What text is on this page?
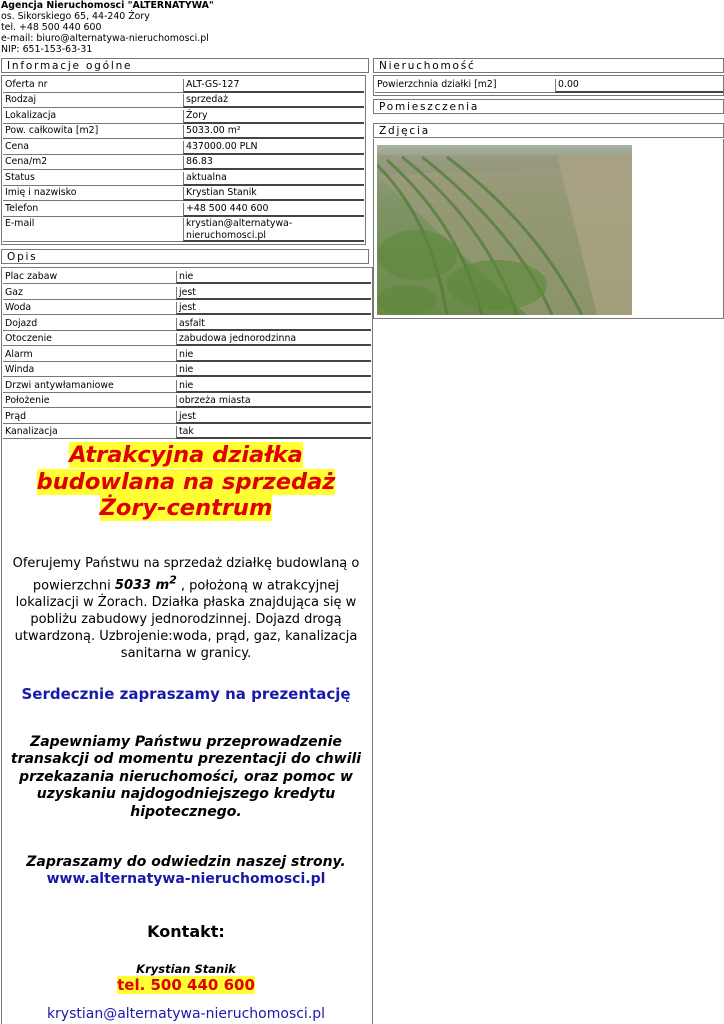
Agencja Nieruchomosci "ALTERNATYWA"
os. Sikorskiego 65, 44-240 Żory
tel. +48 500 440 600
e-mail: biuro@alternatywa-nieruchomosci.pl
NIP: 651-153-63-31
Informacje ogólne
Oferta nr	ALT-GS-127
Rodzaj	sprzedaż
Lokalizacja	Żory
Pow. całkowita [m2]	5033.00 m²
Cena	437000.00 PLN
Cena/m2	86.83
Status	aktualna
Imię i nazwisko	Krystian Stanik
Telefon	+48 500 440 600
E-mail	krystian@alternatywa-
nieruchomosci.pl
Opis
Plac zabaw	nie
Gaz	jest
Woda	jest
Dojazd	asfalt
Otoczenie	zabudowa jednorodzinna
Alarm	nie
Winda	nie
Drzwi antywłamaniowe	nie
Położenie	obrzeża miasta
Prąd	jest
Kanalizacja	tak
Nieruchomość
Powierzchnia działki [m2]	0.00
Pomieszczenia
Zdjęcia
Atrakcyjna działka
budowlana na sprzedaż
Żory-centrum
Oferujemy Państwu na sprzedaż działkę budowlaną o
powierzchni 5033 $m^2$ , położoną w atrakcyjnej
lokalizacji w Żorach. Działka płaska znajdująca się w
pobliżu zabudowy jednorodzinnej. Dojazd drogą
utwardzoną. Uzbrojenie:woda, prąd, gaz, kanalizacja
sanitarna w granicy.
Serdecznie zapraszamy na prezentację
Zapewniamy Państwu przeprowadzenie
transakcji od momentu prezentacji do chwili
przekazania nieruchomości, oraz pomoc w
uzyskaniu najdogodniejszego kredytu
hipotecznego.
Zapraszamy do odwiedzin naszej strony.
www.alternatywa-nieruchomosci.pl
Kontakt:
Krystian Stanik
tel. 500 440 600
krystian@alternatywa-nieruchomosci.pl
